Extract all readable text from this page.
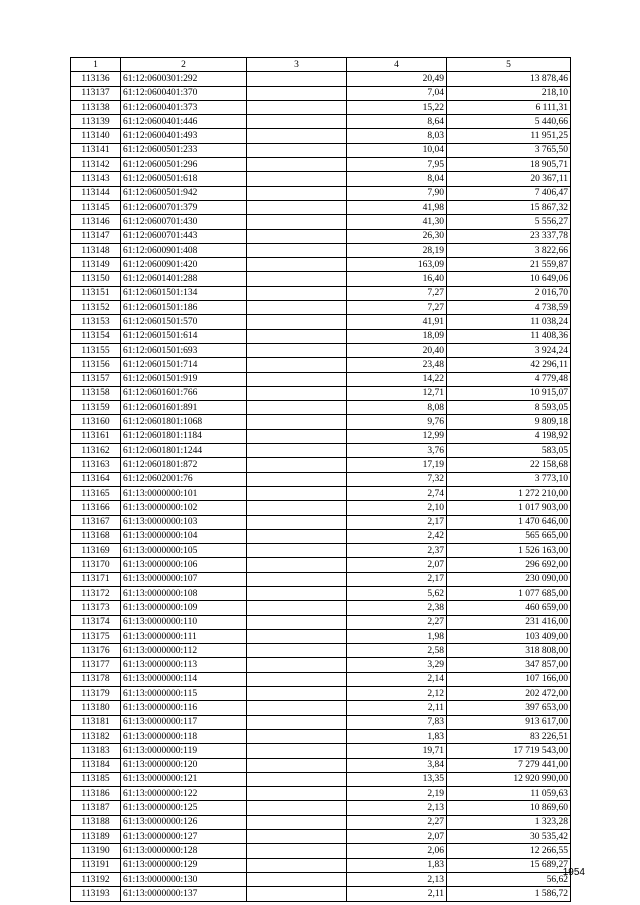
1	2	3	4	5
113136	61:12:0600301:292		20,49	13 878,46
113137	61:12:0600401:370		7,04	218,10
113138	61:12:0600401:373		15,22	6 111,31
113139	61:12:0600401:446		8,64	5 440,66
113140	61:12:0600401:493		8,03	11 951,25
113141	61:12:0600501:233		10,04	3 765,50
113142	61:12:0600501:296		7,95	18 905,71
113143	61:12:0600501:618		8,04	20 367,11
113144	61:12:0600501:942		7,90	7 406,47
113145	61:12:0600701:379		41,98	15 867,32
113146	61:12:0600701:430		41,30	5 556,27
113147	61:12:0600701:443		26,30	23 337,78
113148	61:12:0600901:408		28,19	3 822,66
113149	61:12:0600901:420		163,09	21 559,87
113150	61:12:0601401:288		16,40	10 649,06
113151	61:12:0601501:134		7,27	2 016,70
113152	61:12:0601501:186		7,27	4 738,59
113153	61:12:0601501:570		41,91	11 038,24
113154	61:12:0601501:614		18,09	11 408,36
113155	61:12:0601501:693		20,40	3 924,24
113156	61:12:0601501:714		23,48	42 296,11
113157	61:12:0601501:919		14,22	4 779,48
113158	61:12:0601601:766		12,71	10 915,07
113159	61:12:0601601:891		8,08	8 593,05
113160	61:12:0601801:1068		9,76	9 809,18
113161	61:12:0601801:1184		12,99	4 198,92
113162	61:12:0601801:1244		3,76	583,05
113163	61:12:0601801:872		17,19	22 158,68
113164	61:12:0602001:76		7,32	3 773,10
113165	61:13:0000000:101		2,74	1 272 210,00
113166	61:13:0000000:102		2,10	1 017 903,00
113167	61:13:0000000:103		2,17	1 470 646,00
113168	61:13:0000000:104		2,42	565 665,00
113169	61:13:0000000:105		2,37	1 526 163,00
113170	61:13:0000000:106		2,07	296 692,00
113171	61:13:0000000:107		2,17	230 090,00
113172	61:13:0000000:108		5,62	1 077 685,00
113173	61:13:0000000:109		2,38	460 659,00
113174	61:13:0000000:110		2,27	231 416,00
113175	61:13:0000000:111		1,98	103 409,00
113176	61:13:0000000:112		2,58	318 808,00
113177	61:13:0000000:113		3,29	347 857,00
113178	61:13:0000000:114		2,14	107 166,00
113179	61:13:0000000:115		2,12	202 472,00
113180	61:13:0000000:116		2,11	397 653,00
113181	61:13:0000000:117		7,83	913 617,00
113182	61:13:0000000:118		1,83	83 226,51
113183	61:13:0000000:119		19,71	17 719 543,00
113184	61:13:0000000:120		3,84	7 279 441,00
113185	61:13:0000000:121		13,35	12 920 990,00
113186	61:13:0000000:122		2,19	11 059,63
113187	61:13:0000000:125		2,13	10 869,60
113188	61:13:0000000:126		2,27	1 323,28
113189	61:13:0000000:127		2,07	30 535,42
113190	61:13:0000000:128		2,06	12 266,55
113191	61:13:0000000:129		1,83	15 689,27
113192	61:13:0000000:130		2,13	56,62
113193	61:13:0000000:137		2,11	1 586,72
1954
